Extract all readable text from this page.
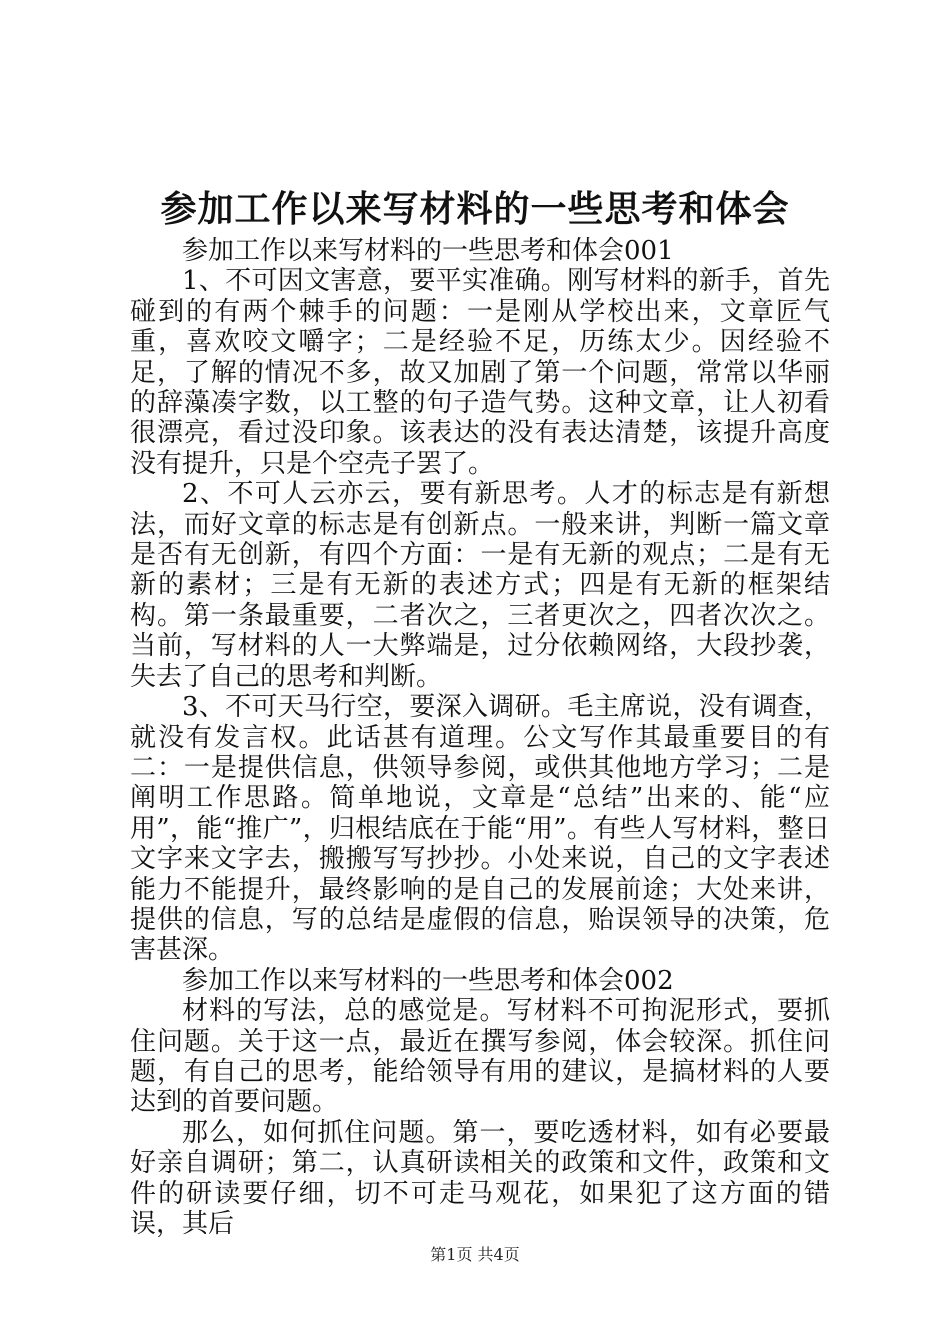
参加工作以来写材料的一些思考和体会

参加工作以来写材料的一些思考和体会001

1、不可因文害意，要平实准确。刚写材料的新手，首先碰到的有两个棘手的问题：一是刚从学校出来，文章匠气重，喜欢咬文嚼字；二是经验不足，历练太少。因经验不足，了解的情况不多，故又加剧了第一个问题，常常以华丽的辞藻凑字数，以工整的句子造气势。这种文章，让人初看很漂亮，看过没印象。该表达的没有表达清楚，该提升高度没有提升，只是个空壳子罢了。

2、不可人云亦云，要有新思考。人才的标志是有新想法，而好文章的标志是有创新点。一般来讲，判断一篇文章是否有无创新，有四个方面：一是有无新的观点；二是有无新的素材；三是有无新的表述方式；四是有无新的框架结构。第一条最重要，二者次之，三者更次之，四者次次之。当前，写材料的人一大弊端是，过分依赖网络，大段抄袭，失去了自己的思考和判断。

3、不可天马行空，要深入调研。毛主席说，没有调查，就没有发言权。此话甚有道理。公文写作其最重要目的有二：一是提供信息，供领导参阅，或供其他地方学习；二是阐明工作思路。简单地说，文章是“总结”出来的、能“应用”，能“推广”，归根结底在于能“用”。有些人写材料，整日文字来文字去，搬搬写写抄抄。小处来说，自己的文字表述能力不能提升，最终影响的是自己的发展前途；大处来讲，提供的信息，写的总结是虚假的信息，贻误领导的决策，危害甚深。

参加工作以来写材料的一些思考和体会002

材料的写法，总的感觉是。写材料不可拘泥形式，要抓住问题。关于这一点，最近在撰写参阅，体会较深。抓住问题，有自己的思考，能给领导有用的建议，是搞材料的人要达到的首要问题。

那么，如何抓住问题。第一，要吃透材料，如有必要最好亲自调研；第二，认真研读相关的政策和文件，政策和文件的研读要仔细，切不可走马观花，如果犯了这方面的错误，其后

第1页 共4页
